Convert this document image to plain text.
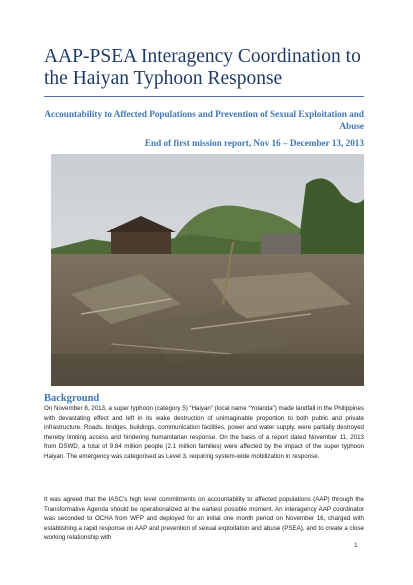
AAP-PSEA Interagency Coordination to the Haiyan Typhoon Response
Accountability to Affected Populations and Prevention of Sexual Exploitation and Abuse
End of first mission report, Nov 16 – December 13, 2013
Background

On November 8, 2013, a super typhoon (category 5) “Haiyan” (local name “Yolanda”) made landfall in the Philippines with devastating effect and left in its wake destruction of unimaginable proportion to both public and private infrastructure. Roads, bridges, buildings, communication facilities, power and water supply, were partially destroyed thereby limiting access and hindering humanitarian response. On the basis of a report dated November 11, 2013 from DSWD, a total of 9.84 million people (2.1 million families) were affected by the impact of the super typhoon Haiyan. The emergency was categorised as Level 3, requiring system-wide mobilization in response.

It was agreed that the IASC’s high level commitments on accountability to affected populations (AAP) through the Transformative Agenda should be operationalized at the earliest possible moment. An interagency AAP coordinator was seconded to OCHA from WFP and deployed for an initial one month period on November 16, charged with establishing a rapid response on AAP and prevention of sexual exploitation and abuse (PSEA), and to create a close working relationship with

1
